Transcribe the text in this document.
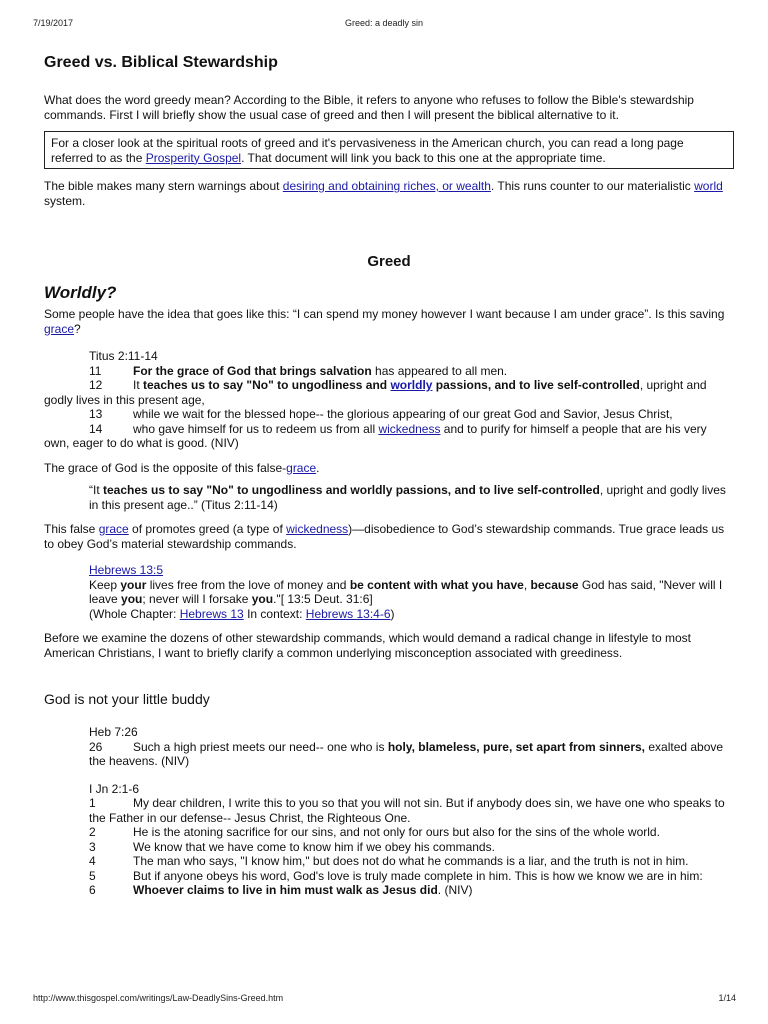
7/19/2017	Greed: a deadly sin
Greed vs. Biblical Stewardship

What does the word greedy mean? According to the Bible, it refers to anyone who refuses to follow the Bible's stewardship commands. First I will briefly show the usual case of greed and then I will present the biblical alternative to it.

For a closer look at the spiritual roots of greed and it's pervasiveness in the American church, you can read a long page referred to as the Prosperity Gospel. That document will link you back to this one at the appropriate time.

The bible makes many stern warnings about desiring and obtaining riches, or wealth. This runs counter to our materialistic world system.

Greed
Worldly?

Some people have the idea that goes like this: “I can spend my money however I want because I am under grace”. Is this saving grace?

Titus 2:11-14
11	For the grace of God that brings salvation has appeared to all men.
12	It teaches us to say "No" to ungodliness and worldly passions, and to live self-controlled, upright and godly lives in this present age,
13	while we wait for the blessed hope-- the glorious appearing of our great God and Savior, Jesus Christ,
14	who gave himself for us to redeem us from all wickedness and to purify for himself a people that are his very own, eager to do what is good. (NIV)

The grace of God is the opposite of this false-grace.

“It teaches us to say "No" to ungodliness and worldly passions, and to live self-controlled, upright and godly lives in this present age..” (Titus 2:11-14)

This false grace of promotes greed (a type of wickedness)—disobedience to God’s stewardship commands. True grace leads us to obey God’s material stewardship commands.

Hebrews 13:5
Keep your lives free from the love of money and be content with what you have, because God has said, "Never will I leave you; never will I forsake you."[ 13:5 Deut. 31:6]
(Whole Chapter: Hebrews 13 In context: Hebrews 13:4-6)

Before we examine the dozens of other stewardship commands, which would demand a radical change in lifestyle to most American Christians, I want to briefly clarify a common underlying misconception associated with greediness.

God is not your little buddy
Heb 7:26
26	Such a high priest meets our need-- one who is holy, blameless, pure, set apart from sinners, exalted above the heavens. (NIV)
I Jn 2:1-6
1	My dear children, I write this to you so that you will not sin. But if anybody does sin, we have one who speaks to the Father in our defense-- Jesus Christ, the Righteous One.
2	He is the atoning sacrifice for our sins, and not only for ours but also for the sins of the whole world.
3	We know that we have come to know him if we obey his commands.
4	The man who says, "I know him," but does not do what he commands is a liar, and the truth is not in him.
5	But if anyone obeys his word, God's love is truly made complete in him. This is how we know we are in him:
6	Whoever claims to live in him must walk as Jesus did. (NIV)
http://www.thisgospel.com/writings/Law-DeadlySins-Greed.htm	1/14
